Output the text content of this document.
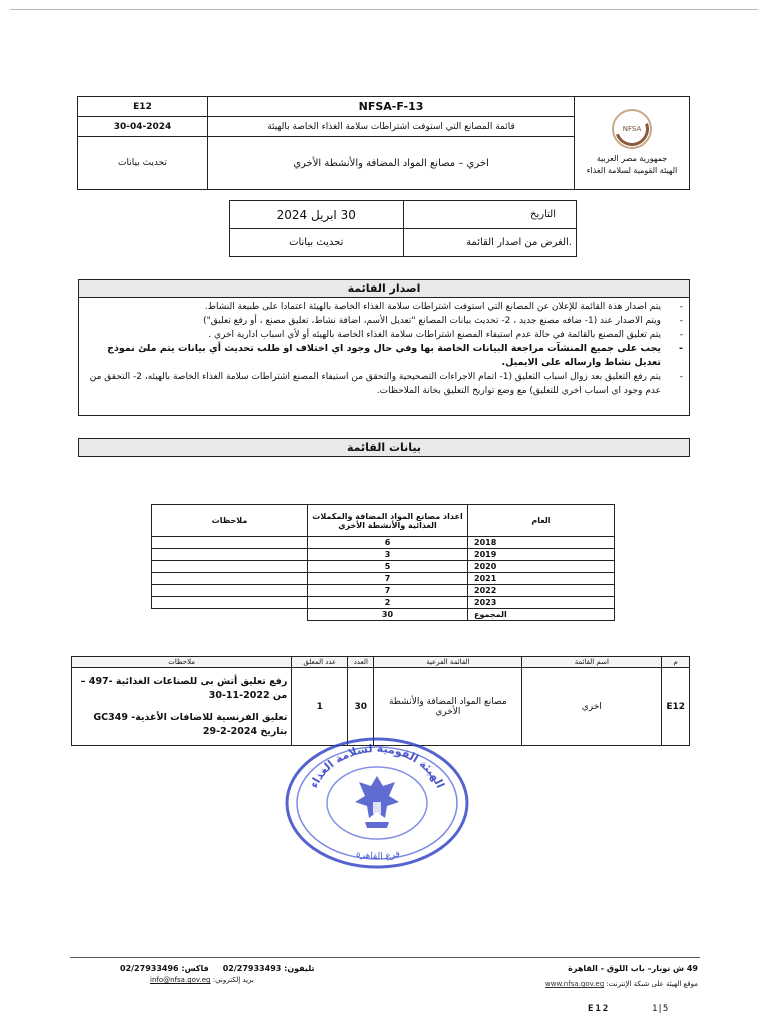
E12	NFSA-F-13	NFSA
جمهورية مصر العربية
الهيئة القومية لسلامة الغذاء

30-04-2024	قائمة المصانع التي استوفت اشتراطات سلامة الغذاء الخاصة بالهيئة	
تحديث بيانات	اخري – مصانع المواد المضافة والأنشطة الأخري	
التاريخ	30 ابريل 2024
.الغرض من اصدار القائمة	تحديث بيانات
اصدار القائمة
- يتم اصدار هذة القائمة للإعلان عن المصانع التي استوفت اشتراطات سلامة الغذاء الخاصة بالهيئة اعتمادا على طبيعة النشاط.
- ويتم الاصدار عند (1- ضافه مصنع جديد ، 2- تحديث بيانات المصانع "تعديل الأسم، اضافة نشاط، تعليق مصنع ، أو رفع تعليق")
- يتم تعليق المصنع بالقائمة في حالة عدم استيفاء المصنع اشتراطات سلامة الغذاء الخاصة بالهيئه أو لأي اسباب ادارية اخري .
- يجب على جميع المنشآت مراجعة البيانات الخاصة بها وفي حال وجود اي اختلاف او طلب تحديث أي بيانات يتم ملئ نموذج تعديل نشاط وارساله على الايميل.
- يتم رفع التعليق بعد زوال اسباب التعليق (1- اتمام الاجراءات التصحيحية والتحقق من استيفاء المصنع اشتراطات سلامة الغذاء الخاصة بالهيئه، 2- التحقق من عدم وجود اي اسباب اخري للتعليق) مع وضع تواريخ التعليق بخانة الملاحظات.
بيانات القائمة
العام	اعداد مصانع المواد المضافة والمكملات الغذائية والأنشطة الأخري	ملاحظات
2018	6	
2019	3	
2020	5	
2021	7	
2022	7	
2023	2	
المجموع	30	
م	اسم القائمة	القائمة الفرعية	العدد	عدد المعلق	ملاحظات
E12	اخري	مصانع المواد المضافة والأنشطة الأخري	30	1	رفع تعليق أتش بى للصناعات الغذائية -497 – من 2022-11-30
تعليق الفرنسية للاضافات الأغذية- GC349 بتاريخ 2024-2-29
الهيئة القومية لسلامة الغذاء
فرع القاهرة
49 ش نوبار– باب اللوق - القاهرة
موقع الهيئة على شبكة الإنترنت: www.nfsa.gov.eg
تليفون: 02/27933493     فاكس: 02/27933496
بريد إلكتروني: info@nfsa.gov.eg
E12	1|5
